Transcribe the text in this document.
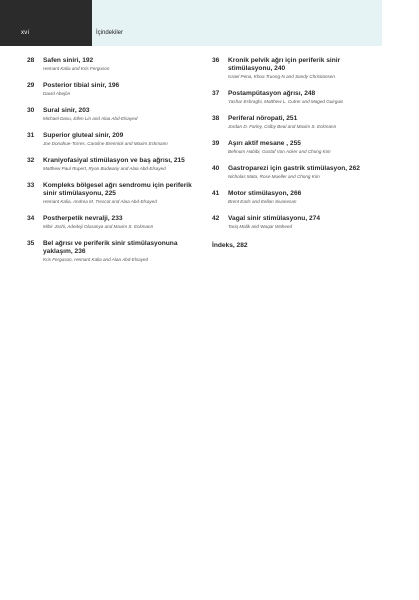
xvi	İçindekiler
28	Safen siniri, 192
Hemant Kalia and Kris Ferguson
29	Posterior tibial sinir, 196
David Abejón
30	Sural sinir, 203
Michael Dasu, Ellen Lin and Alaa Abd-Elsayed
31	Superior gluteal sinir, 209
Joe Donahue-Torres, Caroline Brennick and Maxim Eckmann
32	Kraniyofasiyal stimülasyon ve baş ağrısı, 215
Matthew Paul Rupert, Ryan Budwany and Alaa Abd-Elsayed
33	Kompleks bölgesel ağrı sendromu için periferik sinir stimülasyonu, 225
Hemant Kalia, Andrea M. Trescot and Alaa Abd-Elsayed
34	Postherpetik nevralji, 233
Mihir Joshi, Adedeji Olusanya and Maxim S. Eckmann
35	Bel ağrısı ve periferik sinir stimülasyonuna yaklaşım, 236
Kris Ferguson, Hemant Kalia and Alaa Abd-Elsayed
36	Kronik pelvik ağrı için periferik sinir stimülasyonu, 240
Israel Pena, Khoa Truong-N and Sandy Christiansen
37	Postampütasyon ağrısı, 248
Yashar Eshraghi, Matthew L. Cutrer and Maged Guirguis
38	Periferal nöropati, 251
Jordan D. Farley, Colby Beal and Maxim S. Eckmann
39	Aşırı aktif mesane , 255
Behnum Habibi, Gustaf Van Acker and Chong Kim
40	Gastroparezi için gastrik stimülasyon, 262
Nicholas Mata, Rose Mueller and Chong Kim
41	Motor stimülasyon, 266
Brent Earls and Eellan Sivanesan
42	Vagal sinir stimülasyonu, 274
Tariq Malik and Waqar Waheed
İndeks, 282
